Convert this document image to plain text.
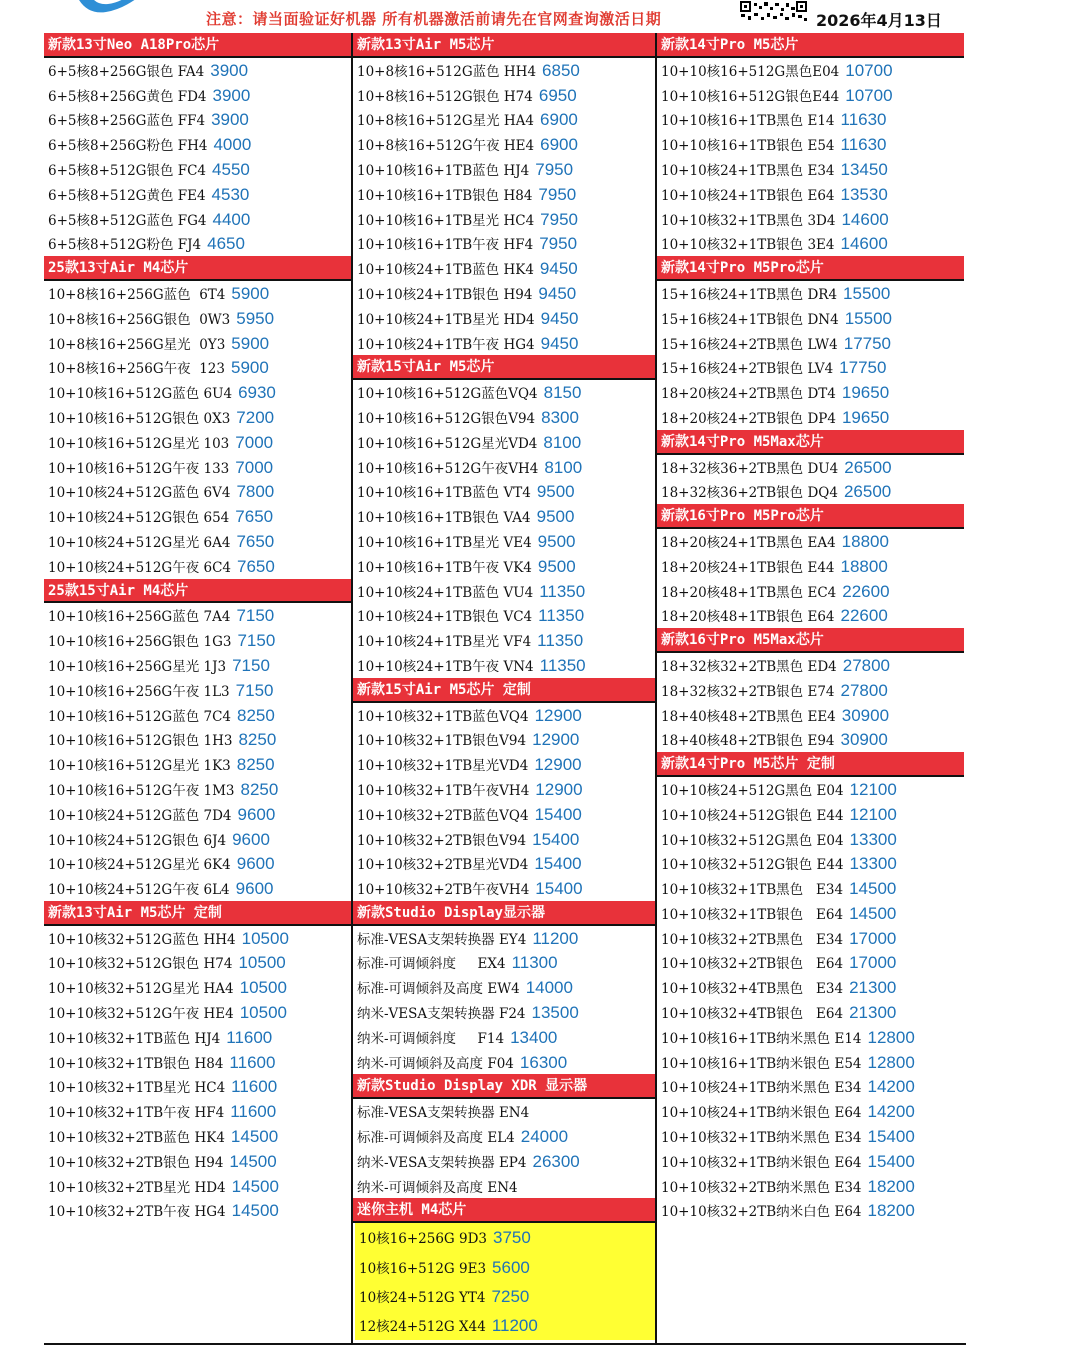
注意：请当面验证好机器 所有机器激活前请先在官网查询激活日期	2026年4月13日
新款13寸Neo A18Pro芯片
6+5核8+256G银色 FA4 3900
6+5核8+256G黄色 FD4 3900
6+5核8+256G蓝色 FF4 3900
6+5核8+256G粉色 FH4 4000
6+5核8+512G银色 FC4 4550
6+5核8+512G黄色 FE4 4530
6+5核8+512G蓝色 FG4 4400
6+5核8+512G粉色 FJ4 4650
25款13寸Air M4芯片
10+8核16+256G蓝色  6T4 5900
10+8核16+256G银色  0W3 5950
10+8核16+256G星光  0Y3 5900
10+8核16+256G午夜  123 5900
10+10核16+512G蓝色 6U4 6930
10+10核16+512G银色 0X3 7200
10+10核16+512G星光 103 7000
10+10核16+512G午夜 133 7000
10+10核24+512G蓝色 6V4 7800
10+10核24+512G银色 654 7650
10+10核24+512G星光 6A4 7650
10+10核24+512G午夜 6C4 7650
25款15寸Air M4芯片
10+10核16+256G蓝色 7A4 7150
10+10核16+256G银色 1G3 7150
10+10核16+256G星光 1J3 7150
10+10核16+256G午夜 1L3 7150
10+10核16+512G蓝色 7C4 8250
10+10核16+512G银色 1H3 8250
10+10核16+512G星光 1K3 8250
10+10核16+512G午夜 1M3 8250
10+10核24+512G蓝色 7D4 9600
10+10核24+512G银色 6J4 9600
10+10核24+512G星光 6K4 9600
10+10核24+512G午夜 6L4 9600
新款13寸Air M5芯片 定制
10+10核32+512G蓝色 HH4 10500
10+10核32+512G银色 H74 10500
10+10核32+512G星光 HA4 10500
10+10核32+512G午夜 HE4 10500
10+10核32+1TB蓝色 HJ4 11600
10+10核32+1TB银色 H84 11600
10+10核32+1TB星光 HC4 11600
10+10核32+1TB午夜 HF4 11600
10+10核32+2TB蓝色 HK4 14500
10+10核32+2TB银色 H94 14500
10+10核32+2TB星光 HD4 14500
10+10核32+2TB午夜 HG4 14500
新款13寸Air M5芯片
10+8核16+512G蓝色 HH4 6850
10+8核16+512G银色 H74 6950
10+8核16+512G星光 HA4 6900
10+8核16+512G午夜 HE4 6900
10+10核16+1TB蓝色 HJ4 7950
10+10核16+1TB银色 H84 7950
10+10核16+1TB星光 HC4 7950
10+10核16+1TB午夜 HF4 7950
10+10核24+1TB蓝色 HK4 9450
10+10核24+1TB银色 H94 9450
10+10核24+1TB星光 HD4 9450
10+10核24+1TB午夜 HG4 9450
新款15寸Air M5芯片
10+10核16+512G蓝色VQ4 8150
10+10核16+512G银色V94 8300
10+10核16+512G星光VD4 8100
10+10核16+512G午夜VH4 8100
10+10核16+1TB蓝色 VT4 9500
10+10核16+1TB银色 VA4 9500
10+10核16+1TB星光 VE4 9500
10+10核16+1TB午夜 VK4 9500
10+10核24+1TB蓝色 VU4 11350
10+10核24+1TB银色 VC4 11350
10+10核24+1TB星光 VF4 11350
10+10核24+1TB午夜 VN4 11350
新款15寸Air M5芯片 定制
10+10核32+1TB蓝色VQ4 12900
10+10核32+1TB银色V94 12900
10+10核32+1TB星光VD4 12900
10+10核32+1TB午夜VH4 12900
10+10核32+2TB蓝色VQ4 15400
10+10核32+2TB银色V94 15400
10+10核32+2TB星光VD4 15400
10+10核32+2TB午夜VH4 15400
新款Studio Display显示器
标准-VESA支架转换器 EY4 11200
标准-可调倾斜度     EX4 11300
标准-可调倾斜及高度 EW4 14000
纳米-VESA支架转换器 F24 13500
纳米-可调倾斜度     F14 13400
纳米-可调倾斜及高度 F04 16300
新款Studio Display XDR 显示器
标准-VESA支架转换器 EN4
标准-可调倾斜及高度 EL4 24000
纳米-VESA支架转换器 EP4 26300
纳米-可调倾斜及高度 EN4
迷你主机 M4芯片
10核16+256G 9D3 3750
10核16+512G 9E3 5600
10核24+512G YT4 7250
12核24+512G X44 11200
新款14寸Pro M5芯片
10+10核16+512G黑色E04 10700
10+10核16+512G银色E44 10700
10+10核16+1TB黑色 E14 11630
10+10核16+1TB银色 E54 11630
10+10核24+1TB黑色 E34 13450
10+10核24+1TB银色 E64 13530
10+10核32+1TB黑色 3D4 14600
10+10核32+1TB银色 3E4 14600
新款14寸Pro M5Pro芯片
15+16核24+1TB黑色 DR4 15500
15+16核24+1TB银色 DN4 15500
15+16核24+2TB黑色 LW4 17750
15+16核24+2TB银色 LV4 17750
18+20核24+2TB黑色 DT4 19650
18+20核24+2TB银色 DP4 19650
新款14寸Pro M5Max芯片
18+32核36+2TB黑色 DU4 26500
18+32核36+2TB银色 DQ4 26500
新款16寸Pro M5Pro芯片
18+20核24+1TB黑色 EA4 18800
18+20核24+1TB银色 E44 18800
18+20核48+1TB黑色 EC4 22600
18+20核48+1TB银色 E64 22600
新款16寸Pro M5Max芯片
18+32核32+2TB黑色 ED4 27800
18+32核32+2TB银色 E74 27800
18+40核48+2TB黑色 EE4 30900
18+40核48+2TB银色 E94 30900
新款14寸Pro M5芯片 定制
10+10核24+512G黑色 E04 12100
10+10核24+512G银色 E44 12100
10+10核32+512G黑色 E04 13300
10+10核32+512G银色 E44 13300
10+10核32+1TB黑色   E34 14500
10+10核32+1TB银色   E64 14500
10+10核32+2TB黑色   E34 17000
10+10核32+2TB银色   E64 17000
10+10核32+4TB黑色   E34 21300
10+10核32+4TB银色   E64 21300
10+10核16+1TB纳米黑色 E14 12800
10+10核16+1TB纳米银色 E54 12800
10+10核24+1TB纳米黑色 E34 14200
10+10核24+1TB纳米银色 E64 14200
10+10核32+1TB纳米黑色 E34 15400
10+10核32+1TB纳米银色 E64 15400
10+10核32+2TB纳米黑色 E34 18200
10+10核32+2TB纳米白色 E64 18200
